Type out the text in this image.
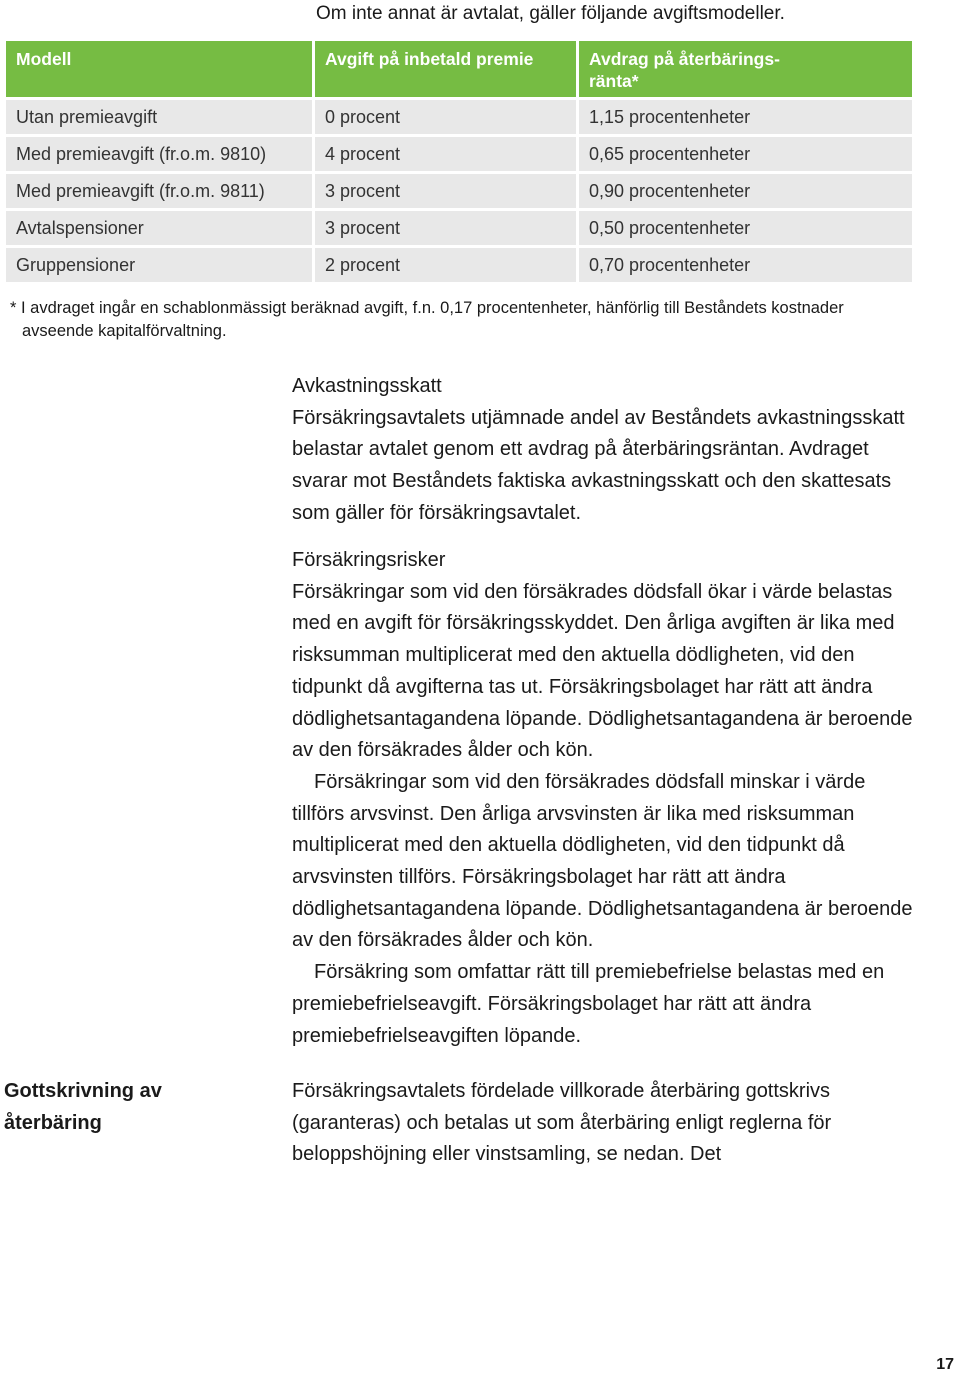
Om inte annat är avtalat, gäller följande avgiftsmodeller.
Modell	Avgift på inbetald premie	Avdrag på återbärings-
ränta*
Utan premieavgift	0 procent	1,15 procentenheter
Med premieavgift (fr.o.m. 9810)	4 procent	0,65 procentenheter
Med premieavgift (fr.o.m. 9811)	3 procent	0,90 procentenheter
Avtalspensioner	3 procent	0,50 procentenheter
Gruppensioner	2 procent	0,70 procentenheter
* I avdraget ingår en schablonmässigt beräknad avgift, f.n. 0,17 procentenheter, hänförlig till Beståndets kostnader avseende kapitalförvaltning.

Avkastningsskatt

Försäkringsavtalets utjämnade andel av Beståndets avkastningsskatt belastar avtalet genom ett avdrag på återbäringsräntan. Avdraget svarar mot Beståndets faktiska avkastningsskatt och den skattesats som gäller för försäkringsavtalet.

Försäkringsrisker

Försäkringar som vid den försäkrades dödsfall ökar i värde belastas med en avgift för försäkringsskyddet. Den årliga avgiften är lika med risksumman multiplicerat med den aktuella dödligheten, vid den tidpunkt då avgifterna tas ut. Försäkringsbolaget har rätt att ändra dödlighetsantagandena löpande. Dödlighetsantagandena är beroende av den försäkrades ålder och kön.

Försäkringar som vid den försäkrades dödsfall minskar i värde tillförs arvsvinst. Den årliga arvsvinsten är lika med risksumman multiplicerat med den aktuella dödligheten, vid den tidpunkt då arvsvinsten tillförs. Försäkringsbolaget har rätt att ändra dödlighetsantagandena löpande. Dödlighetsantagandena är beroende av den försäkrades ålder och kön.

Försäkring som omfattar rätt till premiebefrielse belastas med en premiebefrielseavgift. Försäkringsbolaget har rätt att ändra premiebefrielseavgiften löpande.

Gottskrivning av återbäring

Försäkringsavtalets fördelade villkorade återbäring gottskrivs (garanteras) och betalas ut som återbäring enligt reglerna för beloppshöjning eller vinstsamling, se nedan. Det

17
